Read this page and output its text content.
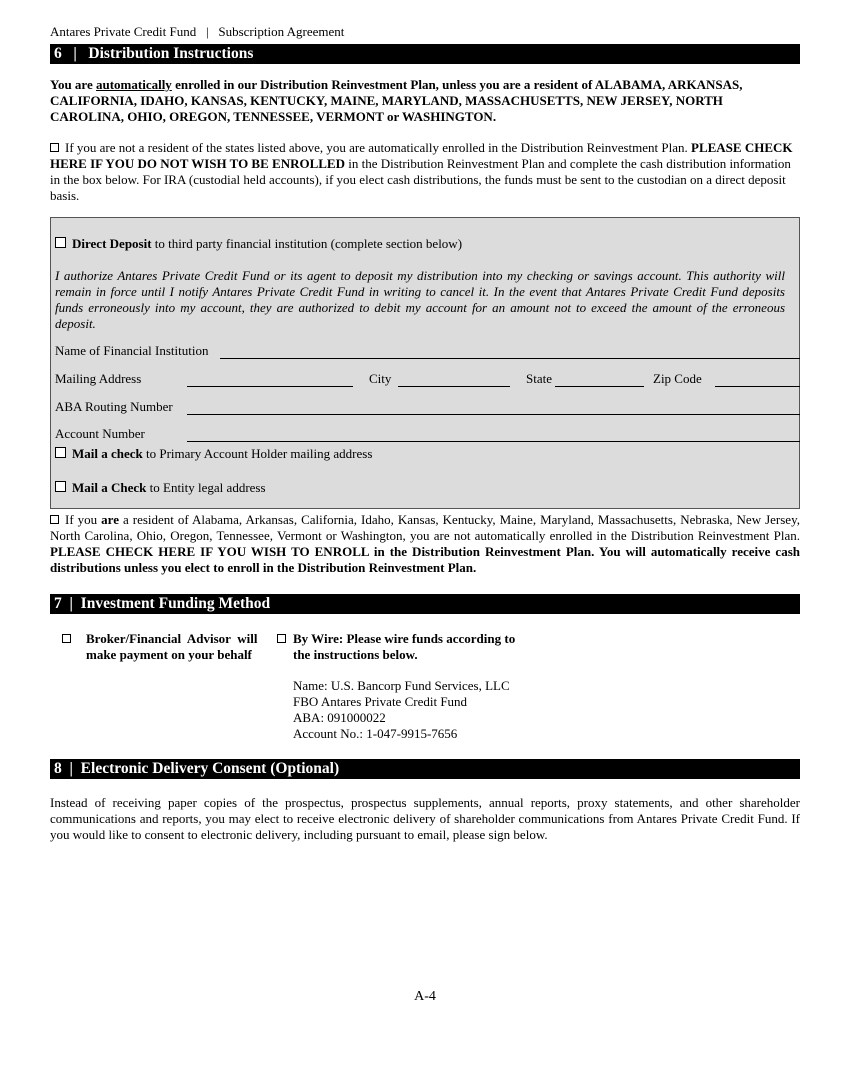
Antares Private Credit Fund | Subscription Agreement
6 | Distribution Instructions
You are automatically enrolled in our Distribution Reinvestment Plan, unless you are a resident of ALABAMA, ARKANSAS, CALIFORNIA, IDAHO, KANSAS, KENTUCKY, MAINE, MARYLAND, MASSACHUSETTS, NEW JERSEY, NORTH CAROLINA, OHIO, OREGON, TENNESSEE, VERMONT or WASHINGTON.
If you are not a resident of the states listed above, you are automatically enrolled in the Distribution Reinvestment Plan. PLEASE CHECK HERE IF YOU DO NOT WISH TO BE ENROLLED in the Distribution Reinvestment Plan and complete the cash distribution information in the box below. For IRA (custodial held accounts), if you elect cash distributions, the funds must be sent to the custodian on a direct deposit basis.
Direct Deposit to third party financial institution (complete section below)
I authorize Antares Private Credit Fund or its agent to deposit my distribution into my checking or savings account. This authority will remain in force until I notify Antares Private Credit Fund in writing to cancel it. In the event that Antares Private Credit Fund deposits funds erroneously into my account, they are authorized to debit my account for an amount not to exceed the amount of the erroneous deposit.
Name of Financial Institution
Mailing Address	City	State	Zip Code
ABA Routing Number
Account Number
Mail a check to Primary Account Holder mailing address
Mail a Check to Entity legal address
If you are a resident of Alabama, Arkansas, California, Idaho, Kansas, Kentucky, Maine, Maryland, Massachusetts, Nebraska, New Jersey, North Carolina, Ohio, Oregon, Tennessee, Vermont or Washington, you are not automatically enrolled in the Distribution Reinvestment Plan. PLEASE CHECK HERE IF YOU WISH TO ENROLL in the Distribution Reinvestment Plan. You will automatically receive cash distributions unless you elect to enroll in the Distribution Reinvestment Plan.
7 | Investment Funding Method
Broker/Financial  Advisor  will
make payment on your behalf
By Wire: Please wire funds according to
the instructions below.
Name: U.S. Bancorp Fund Services, LLC
FBO Antares Private Credit Fund
ABA: 091000022
Account No.: 1-047-9915-7656
8 | Electronic Delivery Consent (Optional)
Instead of receiving paper copies of the prospectus, prospectus supplements, annual reports, proxy statements, and other shareholder communications and reports, you may elect to receive electronic delivery of shareholder communications from Antares Private Credit Fund. If you would like to consent to electronic delivery, including pursuant to email, please sign below.
A-4
